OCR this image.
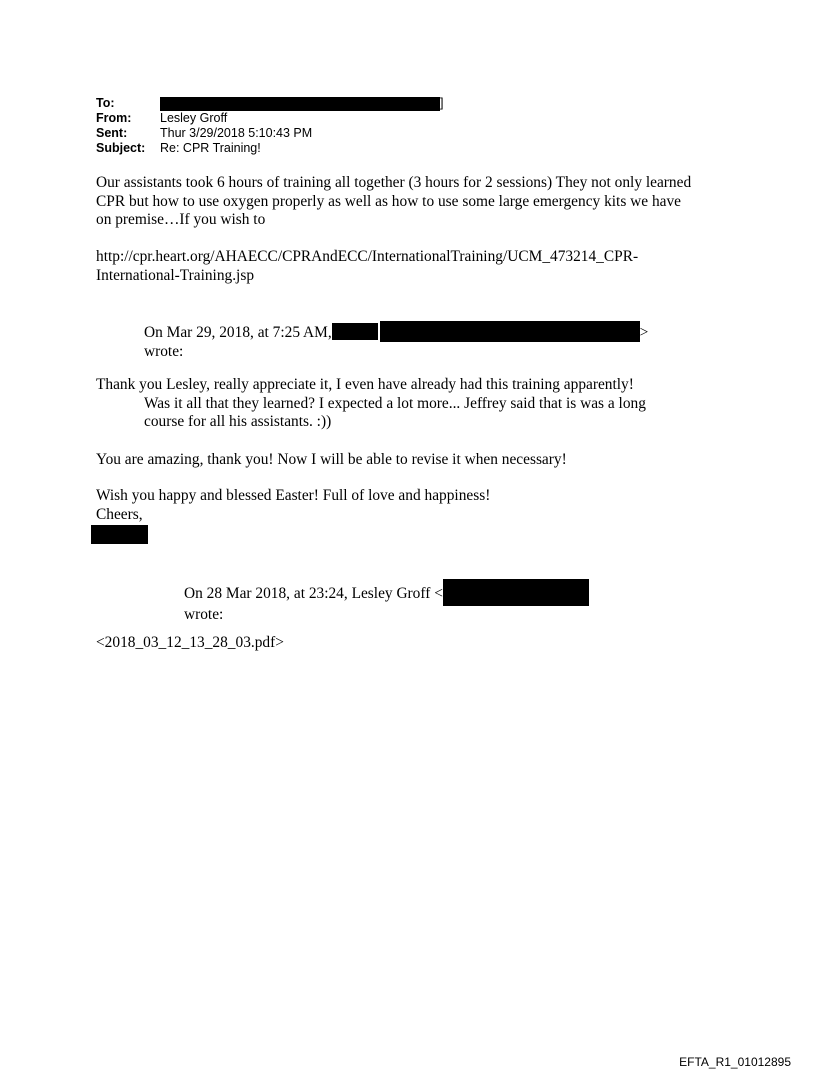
To:	]
From: Lesley Groff
Sent:	Thur 3/29/2018 5:10:43 PM
Subject: Re: CPR Training!
Our assistants took 6 hours of training all together (3 hours for 2 sessions) They not only learned
CPR but how to use oxygen properly as well as how to use some large emergency kits we have
on premise…If you wish to
http://cpr.heart.org/AHAECC/CPRAndECC/InternationalTraining/UCM_473214_CPR-
International-Training.jsp
On Mar 29, 2018, at 7:25 AM,	>
wrote:
Thank you Lesley, really appreciate it, I even have already had this training apparently!
Was it all that they learned? I expected a lot more... Jeffrey said that is was a long
course for all his assistants. :))
You are amazing, thank you! Now I will be able to revise it when necessary!
Wish you happy and blessed Easter! Full of love and happiness!
Cheers,
On 28 Mar 2018, at 23:24, Lesley Groff <
wrote:
<2018_03_12_13_28_03.pdf>
EFTA_R1_01012895
